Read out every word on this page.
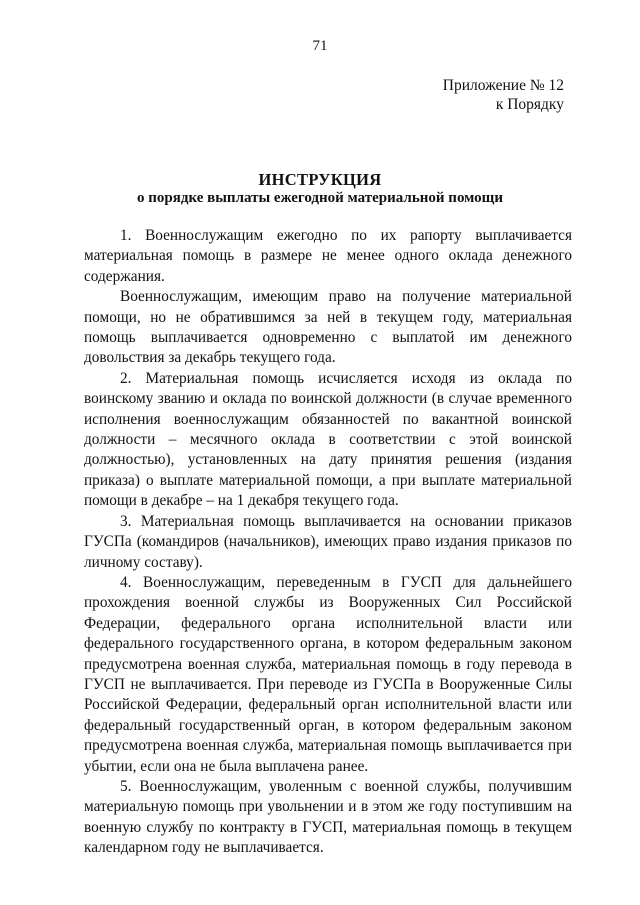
71
Приложение № 12
к Порядку
ИНСТРУКЦИЯ
о порядке выплаты ежегодной материальной помощи

1. Военнослужащим ежегодно по их рапорту выплачивается материальная помощь в размере не менее одного оклада денежного содержания.

Военнослужащим, имеющим право на получение материальной помощи, но не обратившимся за ней в текущем году, материальная помощь выплачивается одновременно с выплатой им денежного довольствия за декабрь текущего года.

2. Материальная помощь исчисляется исходя из оклада по воинскому званию и оклада по воинской должности (в случае временного исполнения военнослужащим обязанностей по вакантной воинской должности – месячного оклада в соответствии с этой воинской должностью), установленных на дату принятия решения (издания приказа) о выплате материальной помощи, а при выплате материальной помощи в декабре – на 1 декабря текущего года.

3. Материальная помощь выплачивается на основании приказов ГУСПа (командиров (начальников), имеющих право издания приказов по личному составу).

4. Военнослужащим, переведенным в ГУСП для дальнейшего прохождения военной службы из Вооруженных Сил Российской Федерации, федерального органа исполнительной власти или федерального государственного органа, в котором федеральным законом предусмотрена военная служба, материальная помощь в году перевода в ГУСП не выплачивается. При переводе из ГУСПа в Вооруженные Силы Российской Федерации, федеральный орган исполнительной власти или федеральный государственный орган, в котором федеральным законом предусмотрена военная служба, материальная помощь выплачивается при убытии, если она не была выплачена ранее.

5. Военнослужащим, уволенным с военной службы, получившим материальную помощь при увольнении и в этом же году поступившим на военную службу по контракту в ГУСП, материальная помощь в текущем календарном году не выплачивается.
